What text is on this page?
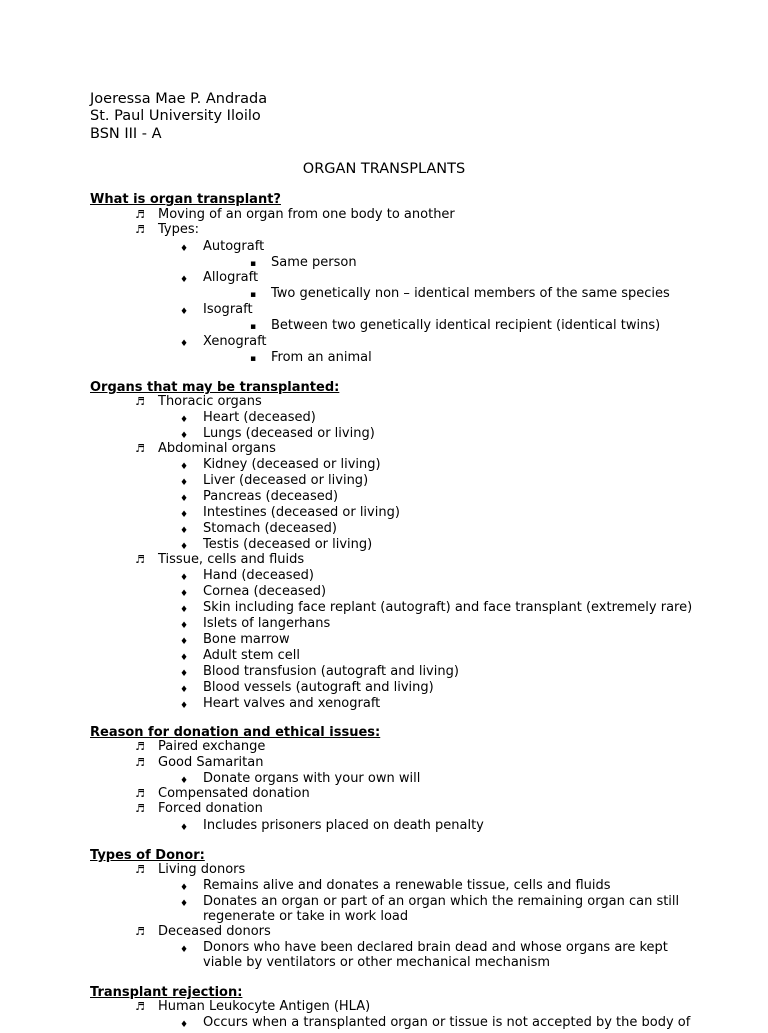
Joeressa Mae P. Andrada
St. Paul University Iloilo
BSN III - A
ORGAN TRANSPLANTS
What is organ transplant?
♬ Moving of an organ from one body to another
♬ Types:
♦ Autograft
▪ Same person
♦ Allograft
▪ Two genetically non – identical members of the same species
♦ Isograft
▪ Between two genetically identical recipient (identical twins)
♦ Xenograft
▪ From an animal
Organs that may be transplanted:
♬ Thoracic organs
♦ Heart (deceased)
♦ Lungs (deceased or living)
♬ Abdominal organs
♦ Kidney (deceased or living)
♦ Liver (deceased or living)
♦ Pancreas (deceased)
♦ Intestines (deceased or living)
♦ Stomach (deceased)
♦ Testis (deceased or living)
♬ Tissue, cells and fluids
♦ Hand (deceased)
♦ Cornea (deceased)
♦ Skin including face replant (autograft) and face transplant (extremely rare)
♦ Islets of langerhans
♦ Bone marrow
♦ Adult stem cell
♦ Blood transfusion (autograft and living)
♦ Blood vessels (autograft and living)
♦ Heart valves and xenograft
Reason for donation and ethical issues:
♬ Paired exchange
♬ Good Samaritan
♦ Donate organs with your own will
♬ Compensated donation
♬ Forced donation
♦ Includes prisoners placed on death penalty
Types of Donor:
♬ Living donors
♦ Remains alive and donates a renewable tissue, cells and fluids
♦ Donates an organ or part of an organ which the remaining organ can still
regenerate or take in work load
♬ Deceased donors
♦ Donors who have been declared brain dead and whose organs are kept
viable by ventilators or other mechanical mechanism
Transplant rejection:
♬ Human Leukocyte Antigen (HLA)
♦ Occurs when a transplanted organ or tissue is not accepted by the body of
